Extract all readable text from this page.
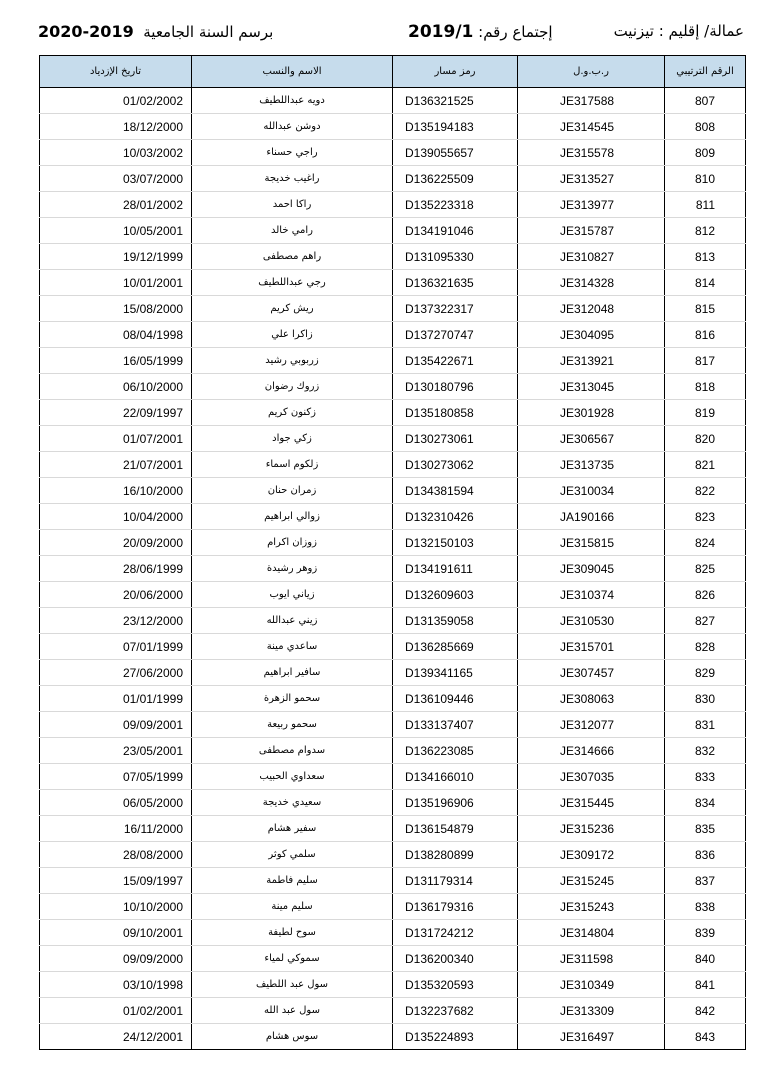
عمالة/ إقليم : تيزنيت
إجتماع رقم: 2019/1
برسم السنة الجامعية  2020-2019
تاريخ الإزدياد	الاسم والنسب	رمز مسار	ر.ب.و.ل	الرقم الترتيبي
01/02/2002	دويه عبداللطيف	D136321525	JE317588	807
18/12/2000	دوشن عبدالله	D135194183	JE314545	808
10/03/2002	راجي حسناء	D139055657	JE315578	809
03/07/2000	راغيب خديجة	D136225509	JE313527	810
28/01/2002	راكا احمد	D135223318	JE313977	811
10/05/2001	رامي خالد	D134191046	JE315787	812
19/12/1999	راهم مصطفى	D131095330	JE310827	813
10/01/2001	رجي عبداللطيف	D136321635	JE314328	814
15/08/2000	ريش كريم	D137322317	JE312048	815
08/04/1998	زاكرا علي	D137270747	JE304095	816
16/05/1999	زربوبي رشيد	D135422671	JE313921	817
06/10/2000	زروك رضوان	D130180796	JE313045	818
22/09/1997	زكنون كريم	D135180858	JE301928	819
01/07/2001	زكي جواد	D130273061	JE306567	820
21/07/2001	زلكوم اسماء	D130273062	JE313735	821
16/10/2000	زمران حنان	D134381594	JE310034	822
10/04/2000	زوالي ابراهيم	D132310426	JA190166	823
20/09/2000	زوزان اكرام	D132150103	JE315815	824
28/06/1999	زوهر رشيدة	D134191611	JE309045	825
20/06/2000	زياني ايوب	D132609603	JE310374	826
23/12/2000	زيني عبدالله	D131359058	JE310530	827
07/01/1999	ساعدي مينة	D136285669	JE315701	828
27/06/2000	سافير ابراهيم	D139341165	JE307457	829
01/01/1999	سحمو الزهرة	D136109446	JE308063	830
09/09/2001	سحمو ربيعة	D133137407	JE312077	831
23/05/2001	سدوام مصطفى	D136223085	JE314666	832
07/05/1999	سعداوي الحبيب	D134166010	JE307035	833
06/05/2000	سعيدي خديجة	D135196906	JE315445	834
16/11/2000	سفير هشام	D136154879	JE315236	835
28/08/2000	سلمي كوثر	D138280899	JE309172	836
15/09/1997	سليم فاطمة	D131179314	JE315245	837
10/10/2000	سليم مينة	D136179316	JE315243	838
09/10/2001	سوح لطيفة	D131724212	JE314804	839
09/09/2000	سموكي لمياء	D136200340	JE311598	840
03/10/1998	سول عبد اللطيف	D135320593	JE310349	841
01/02/2001	سول عبد الله	D132237682	JE313309	842
24/12/2001	سوس هشام	D135224893	JE316497	843
